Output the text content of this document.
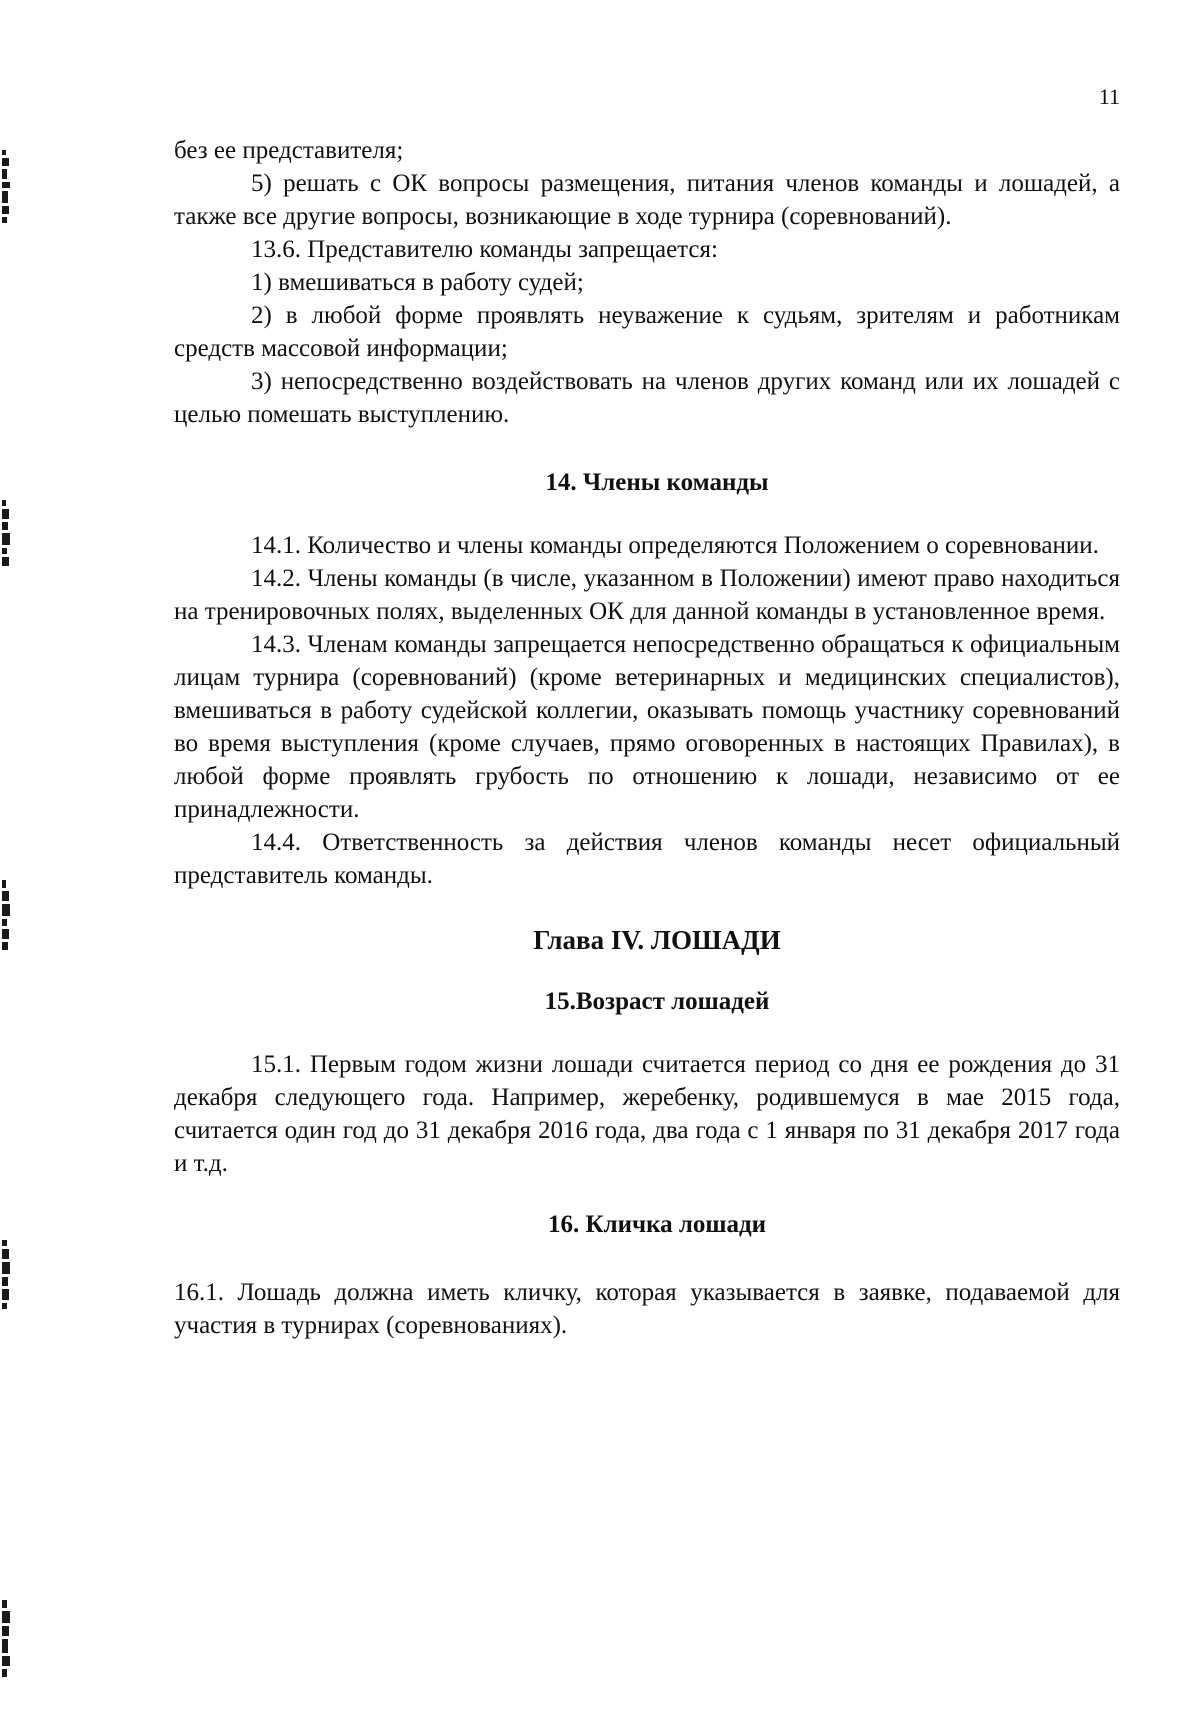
11

без ее представителя;

5) решать с ОК вопросы размещения, питания членов команды и лошадей, а также все другие вопросы, возникающие в ходе турнира (соревнований).

13.6. Представителю команды запрещается:

1) вмешиваться в работу судей;

2) в любой форме проявлять неуважение к судьям, зрителям и работникам средств массовой информации;

3) непосредственно воздействовать на членов других команд или их лошадей с целью помешать выступлению.

14. Члены команды

14.1. Количество и члены команды определяются Положением о соревновании.

14.2. Члены команды (в числе, указанном в Положении) имеют право находиться на тренировочных полях, выделенных ОК для данной команды в установленное время.

14.3. Членам команды запрещается непосредственно обращаться к официальным лицам турнира (соревнований) (кроме ветеринарных и медицинских специалистов), вмешиваться в работу судейской коллегии, оказывать помощь участнику соревнований во время выступления (кроме случаев, прямо оговоренных в настоящих Правилах), в любой форме проявлять грубость по отношению к лошади, независимо от ее принадлежности.

14.4. Ответственность за действия членов команды несет официальный представитель команды.

Глава IV. ЛОШАДИ
15.Возраст лошадей

15.1. Первым годом жизни лошади считается период со дня ее рождения до 31 декабря следующего года. Например, жеребенку, родившемуся в мае 2015 года, считается один год до 31 декабря 2016 года, два года с 1 января по 31 декабря 2017 года и т.д.

16. Кличка лошади

16.1. Лошадь должна иметь кличку, которая указывается в заявке, подаваемой для участия в турнирах (соревнованиях).
